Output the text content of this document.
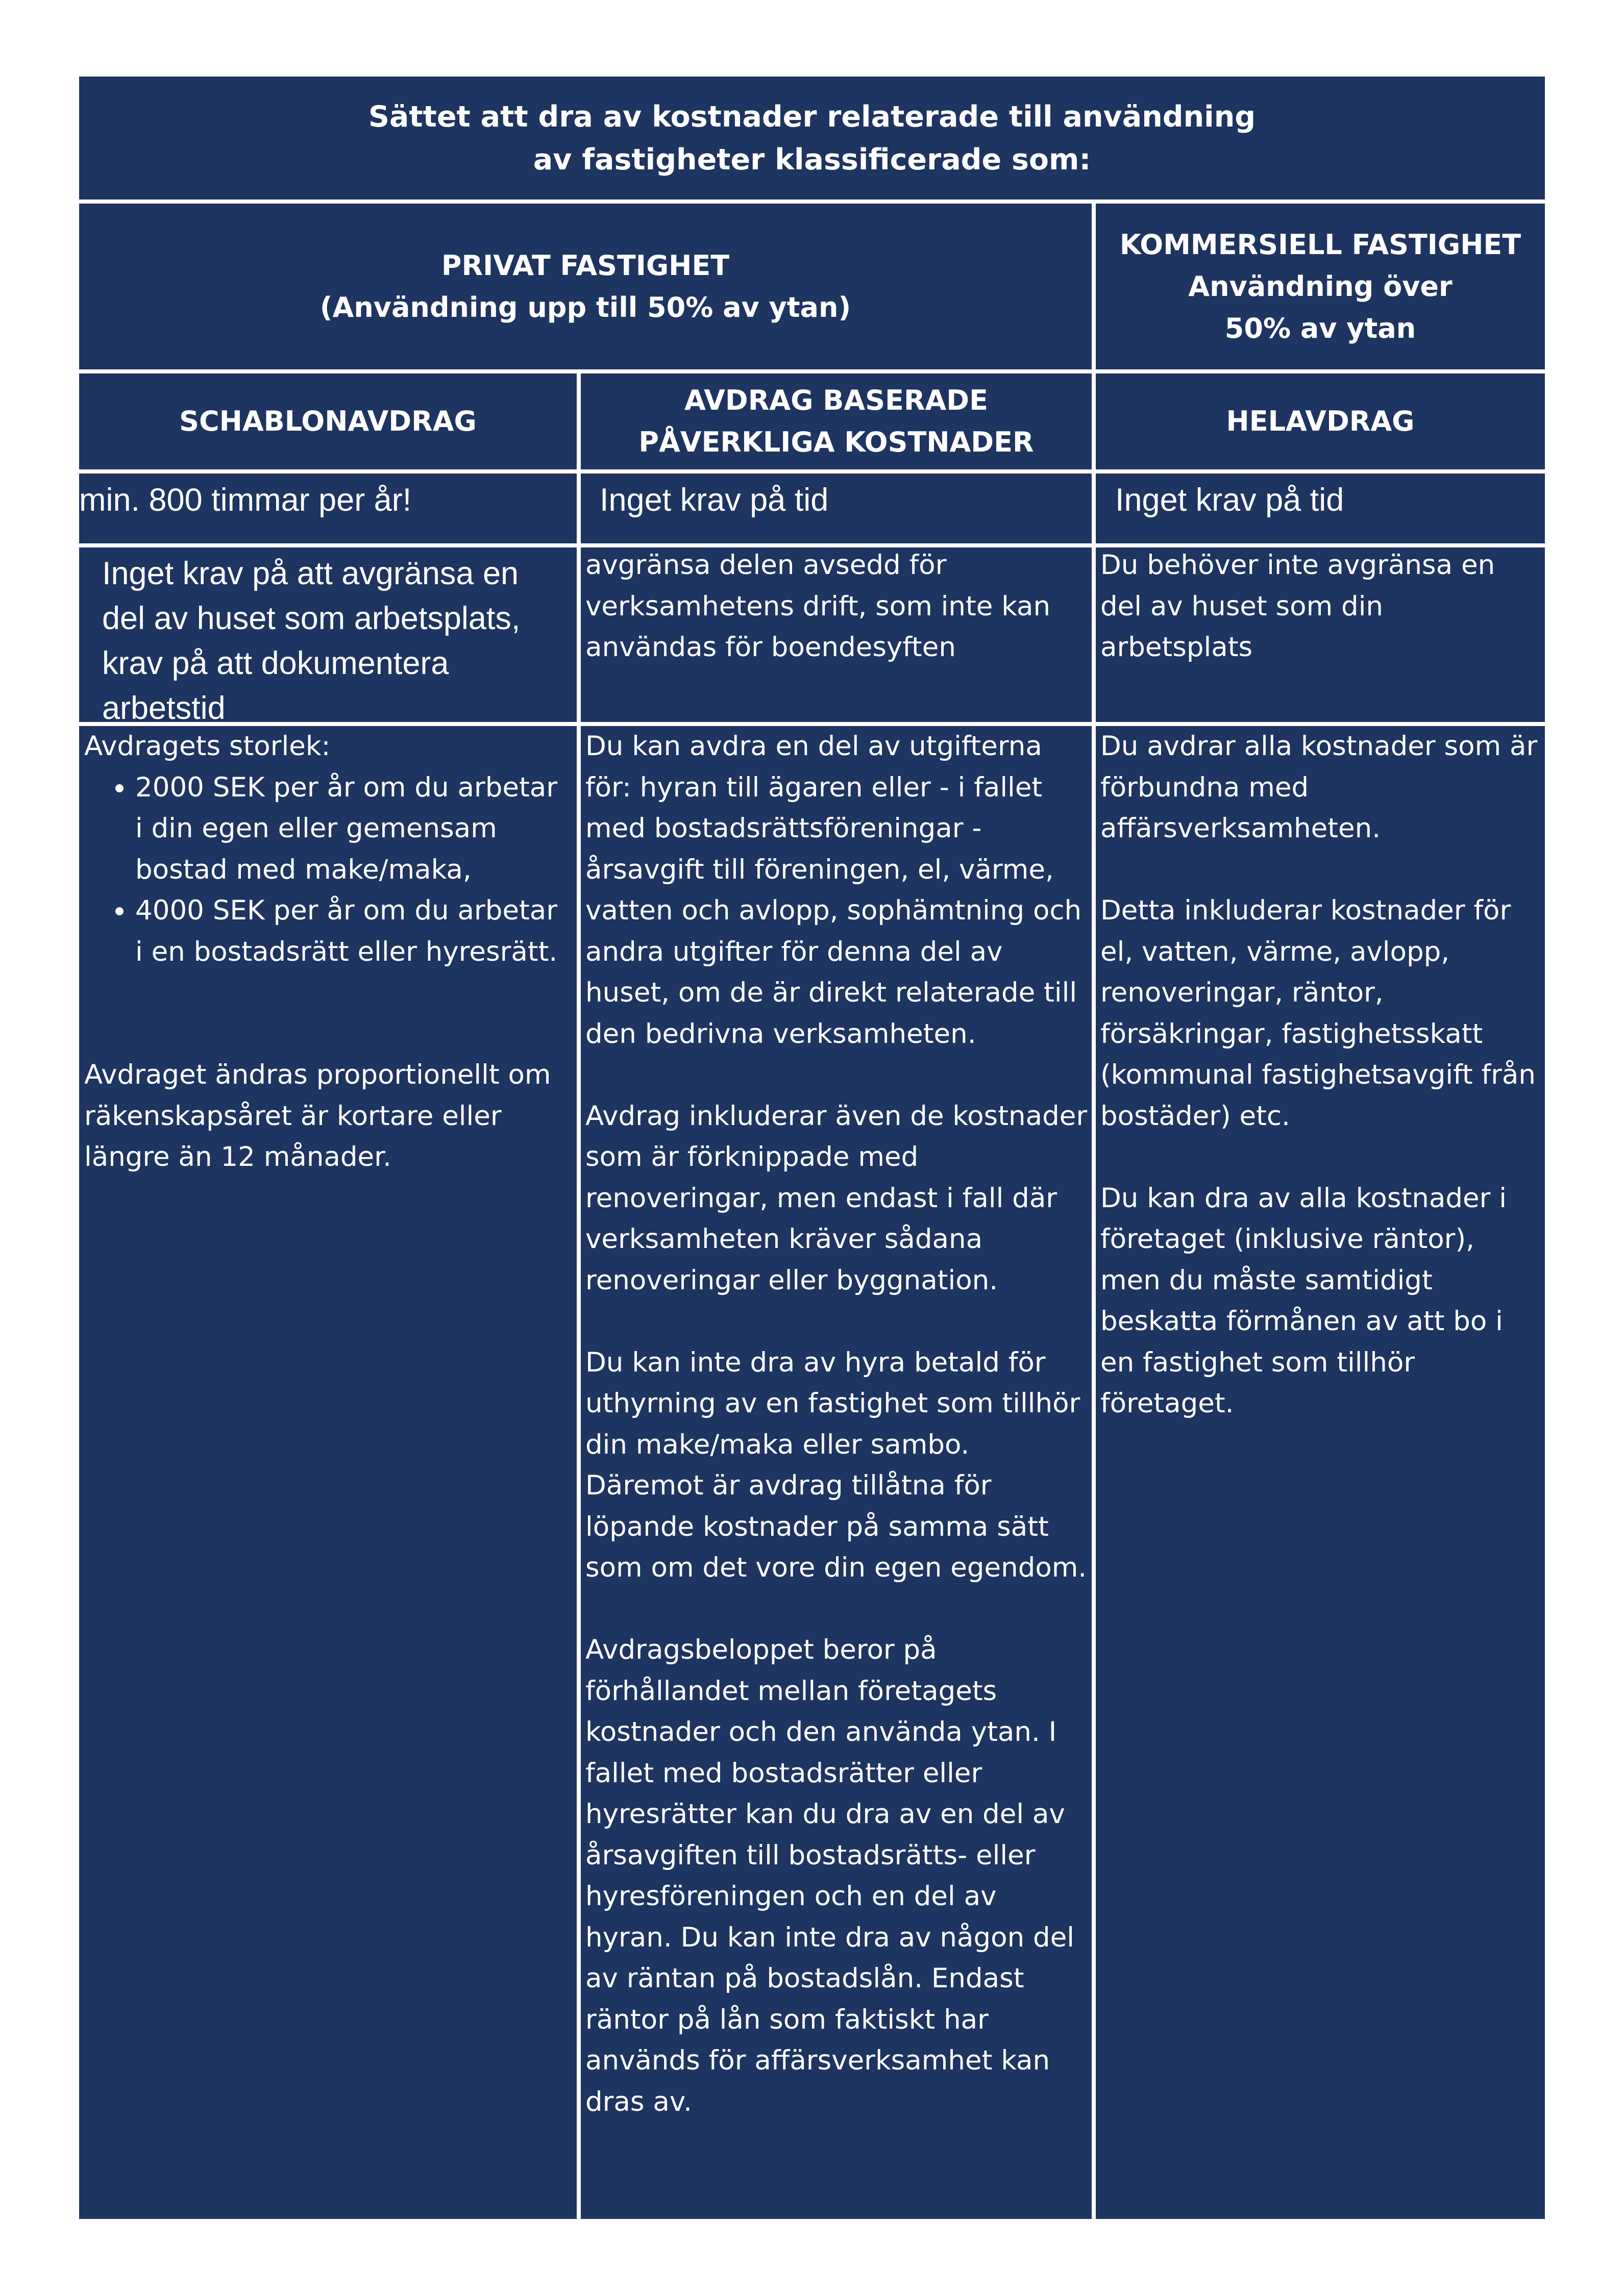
Sättet att dra av kostnader relaterade till användning
av fastigheter klassificerade som:
PRIVAT FASTIGHET
(Användning upp till 50% av ytan)
KOMMERSIELL FASTIGHET
Användning över
50% av ytan
SCHABLONAVDRAG
AVDRAG BASERADE
PÅVERKLIGA KOSTNADER
HELAVDRAG
min. 800 timmar per år!	Inget krav på tid	Inget krav på tid
Inget krav på att avgränsa en del av huset som arbetsplats, krav på att dokumentera arbetstid
avgränsa delen avsedd för verksamhetens drift, som inte kan användas för boendesyften
Du behöver inte avgränsa en del av huset som din arbetsplats
Avdragets storlek:
• 2000 SEK per år om du arbetar i din egen eller gemensam bostad med make/maka,
• 4000 SEK per år om du arbetar i en bostadsrätt eller hyresrätt.
Avdraget ändras proportionellt om räkenskapsåret är kortare eller längre än 12 månader.

Du kan avdra en del av utgifterna för: hyran till ägaren eller - i fallet med bostadsrättsföreningar - årsavgift till föreningen, el, värme, vatten och avlopp, sophämtning och andra utgifter för denna del av huset, om de är direkt relaterade till den bedrivna verksamheten.

Avdrag inkluderar även de kostnader som är förknippade med renoveringar, men endast i fall där verksamheten kräver sådana renoveringar eller byggnation.

Du kan inte dra av hyra betald för uthyrning av en fastighet som tillhör din make/maka eller sambo. Däremot är avdrag tillåtna för löpande kostnader på samma sätt som om det vore din egen egendom.

Avdragsbeloppet beror på förhållandet mellan företagets kostnader och den använda ytan. I fallet med bostadsrätter eller hyresrätter kan du dra av en del av årsavgiften till bostadsrätts- eller hyresföreningen och en del av hyran. Du kan inte dra av någon del av räntan på bostadslån. Endast räntor på lån som faktiskt har används för affärsverksamhet kan dras av.

Du avdrar alla kostnader som är förbundna med affärsverksamheten.

Detta inkluderar kostnader för el, vatten, värme, avlopp, renoveringar, räntor, försäkringar, fastighetsskatt (kommunal fastighetsavgift från bostäder) etc.

Du kan dra av alla kostnader i företaget (inklusive räntor), men du måste samtidigt beskatta förmånen av att bo i en fastighet som tillhör företaget.
